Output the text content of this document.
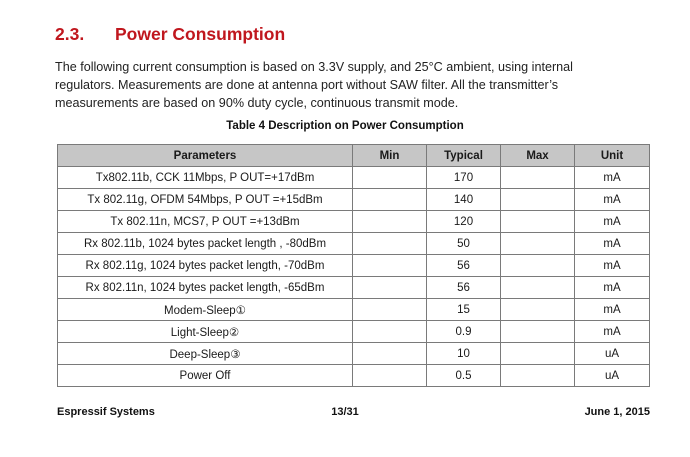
2.3. Power Consumption
The following current consumption is based on 3.3V supply, and 25°C ambient, using internal
regulators. Measurements are done at antenna port without SAW filter. All the transmitter’s
measurements are based on 90% duty cycle, continuous transmit mode.
Table 4 Description on Power Consumption
Parameters	Min	Typical	Max	Unit
Tx802.11b, CCK 11Mbps, P OUT=+17dBm		170		mA
Tx 802.11g, OFDM 54Mbps, P OUT =+15dBm		140		mA
Tx 802.11n, MCS7, P OUT =+13dBm		120		mA
Rx 802.11b, 1024 bytes packet length , -80dBm		50		mA
Rx 802.11g, 1024 bytes packet length, -70dBm		56		mA
Rx 802.11n, 1024 bytes packet length, -65dBm		56		mA
Modem-Sleep①		15		mA
Light-Sleep②		0.9		mA
Deep-Sleep③		10		uA
Power Off		0.5		uA
Espressif Systems	13/31	June 1, 2015
